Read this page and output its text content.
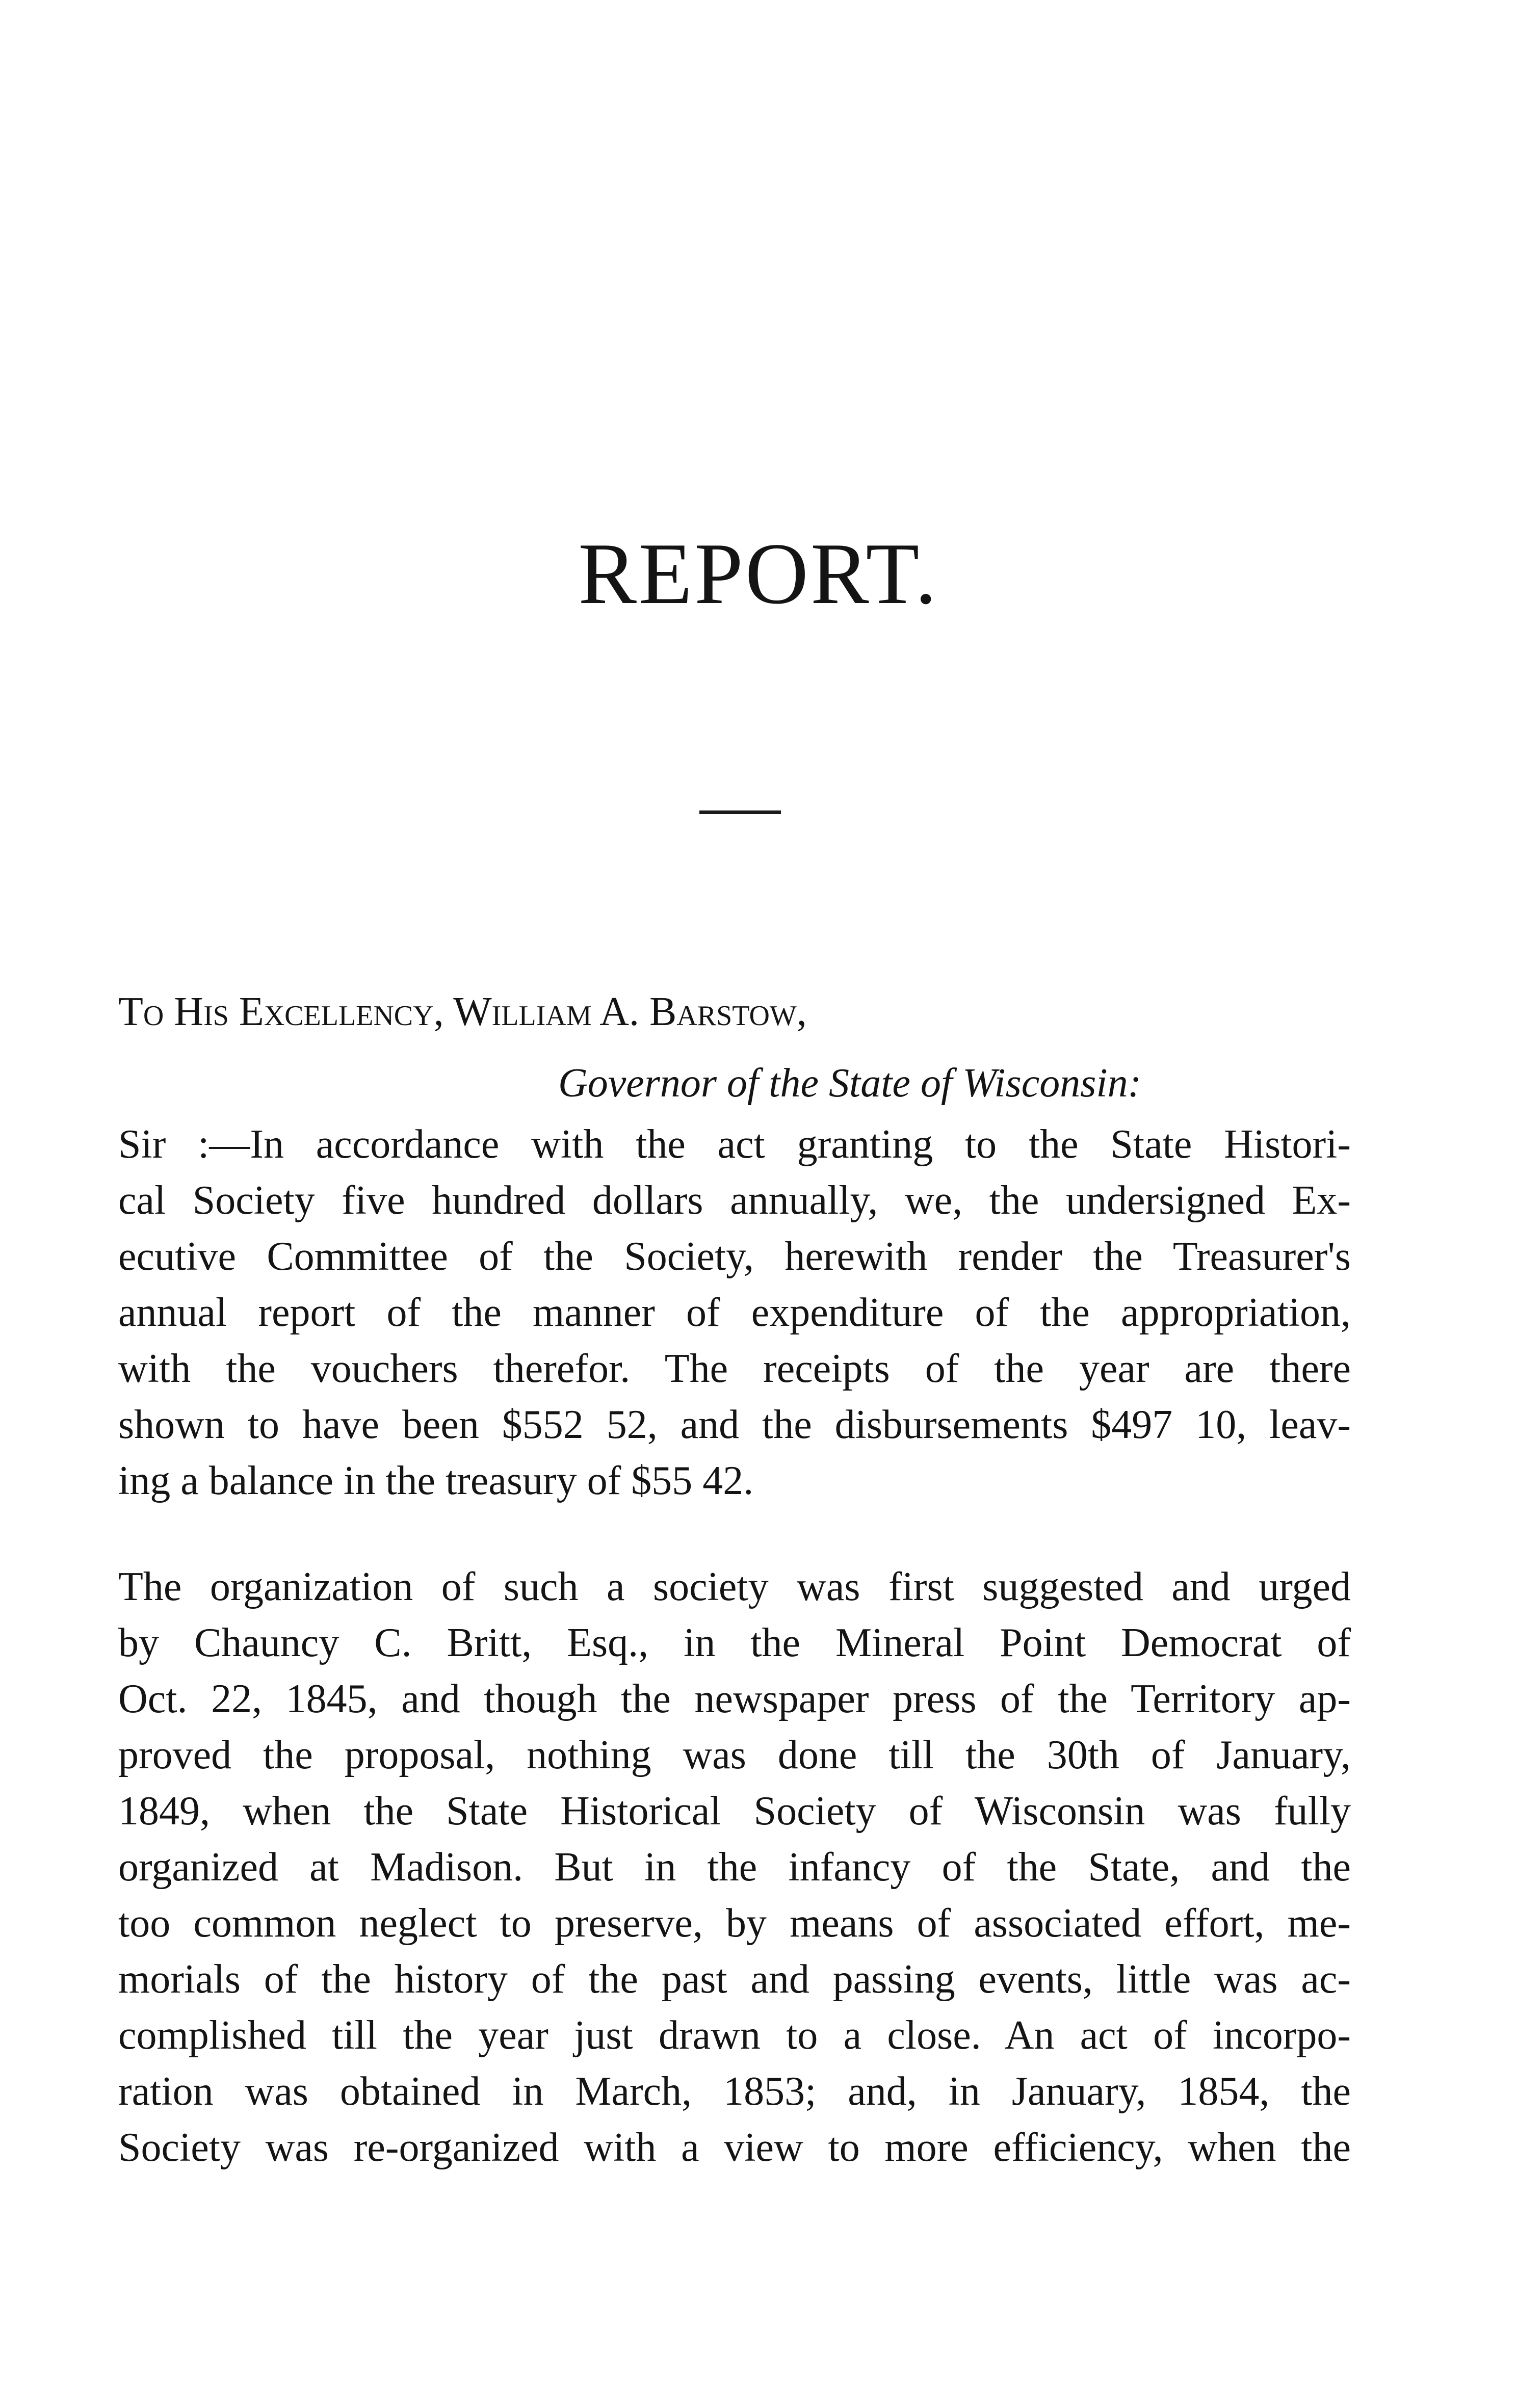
REPORT.
To His Excellency, William A. Barstow,
Governor of the State of Wisconsin:
Sir :—In accordance with the act granting to the State Histori-
cal Society five hundred dollars annually, we, the undersigned Ex-
ecutive Committee of the Society, herewith render the Treasurer's
annual report of the manner of expenditure of the appropriation,
with the vouchers therefor. The receipts of the year are there
shown to have been $552 52, and the disbursements $497 10, leav-
ing a balance in the treasury of $55 42.
The organization of such a society was first suggested and urged
by Chauncy C. Britt, Esq., in the Mineral Point Democrat of
Oct. 22, 1845, and though the newspaper press of the Territory ap-
proved the proposal, nothing was done till the 30th of January,
1849, when the State Historical Society of Wisconsin was fully
organized at Madison. But in the infancy of the State, and the
too common neglect to preserve, by means of associated effort, me-
morials of the history of the past and passing events, little was ac-
complished till the year just drawn to a close. An act of incorpo-
ration was obtained in March, 1853; and, in January, 1854, the
Society was re-organized with a view to more efficiency, when the
